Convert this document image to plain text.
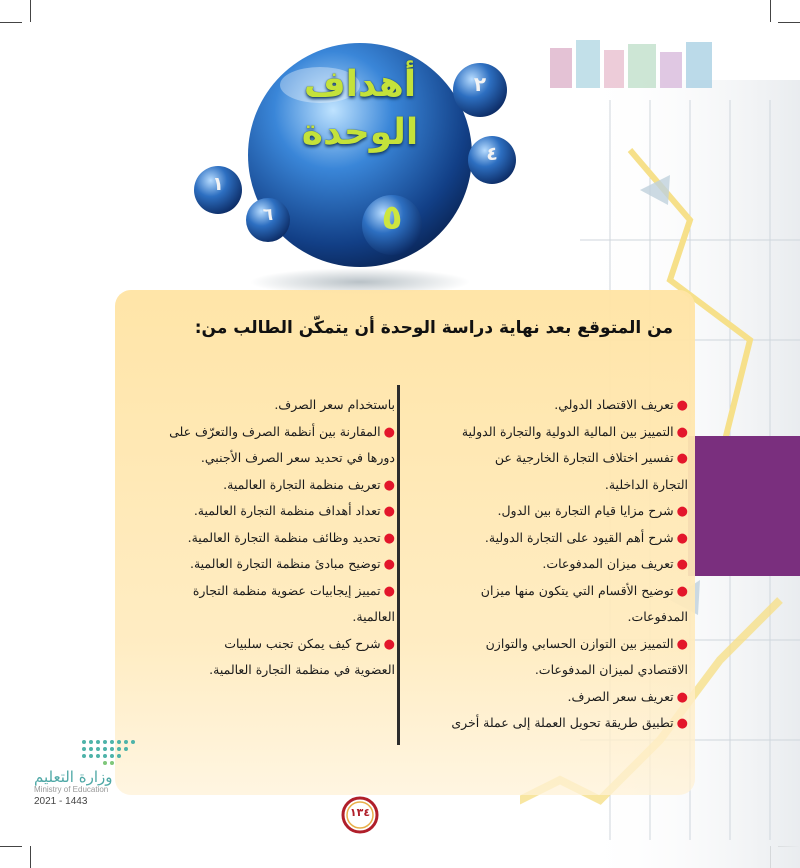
أهداف
الوحدة
٥
٢
٤
١
٦
من المتوقع بعد نهاية دراسة الوحدة أن يتمكّن الطالب من:
●تعريف الاقتصاد الدولي.
●التمييز بين المالية الدولية والتجارة الدولية
●تفسير اختلاف التجارة الخارجية عن
التجارة الداخلية.
●شرح مزايا قيام التجارة بين الدول.
●شرح أهم القيود على التجارة الدولية.
●تعريف ميزان المدفوعات.
●توضيح الأقسام التي يتكون منها ميزان
المدفوعات.
●التمييز بين التوازن الحسابي والتوازن
الاقتصادي لميزان المدفوعات.
●تعريف سعر الصرف.
●تطبيق طريقة تحويل العملة إلى عملة أخرى
باستخدام سعر الصرف.
●المقارنة بين أنظمة الصرف والتعرّف على
دورها في تحديد سعر الصرف الأجنبي.
●تعريف منظمة التجارة العالمية.
●تعداد أهداف منظمة التجارة العالمية.
●تحديد وظائف منظمة التجارة العالمية.
●توضيح مبادئ منظمة التجارة العالمية.
●تمييز إيجابيات عضوية منظمة التجارة
العالمية.
●شرح كيف يمكن تجنب سلبيات
العضوية في منظمة التجارة العالمية.
وزارة التعليم
Ministry of Education
2021 - 1443
١٣٤
